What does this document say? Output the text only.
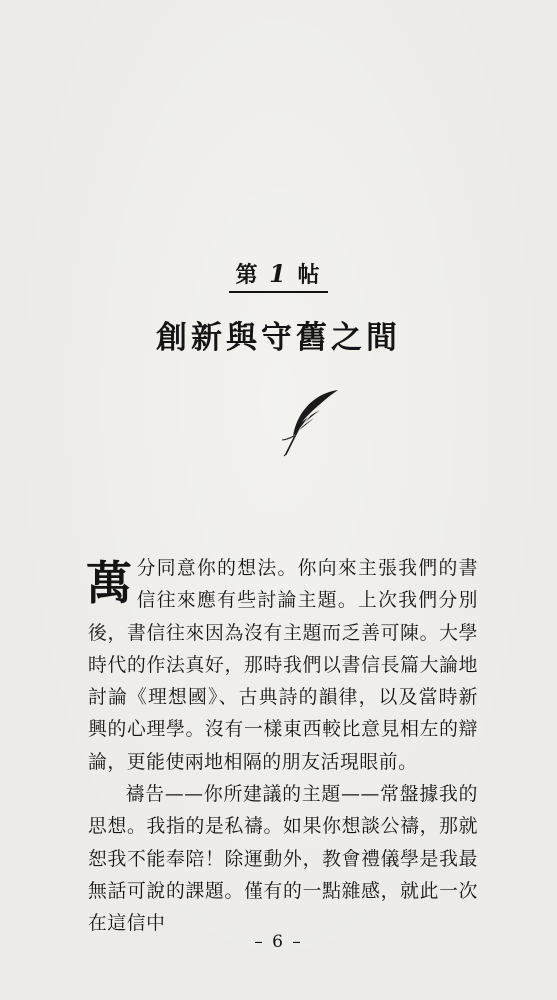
第 1 帖
創新與守舊之間

萬分同意你的想法。你向來主張我們的書信往來應有些討論主題。上次我們分別後，書信往來因為沒有主題而乏善可陳。大學時代的作法真好，那時我們以書信長篇大論地討論《理想國》、古典詩的韻律，以及當時新興的心理學。沒有一樣東西較比意見相左的辯論，更能使兩地相隔的朋友活現眼前。

禱告——你所建議的主題——常盤據我的思想。我指的是私禱。如果你想談公禱，那就恕我不能奉陪！除運動外，教會禮儀學是我最無話可說的課題。僅有的一點雜感，就此一次在這信中

– 6 –
